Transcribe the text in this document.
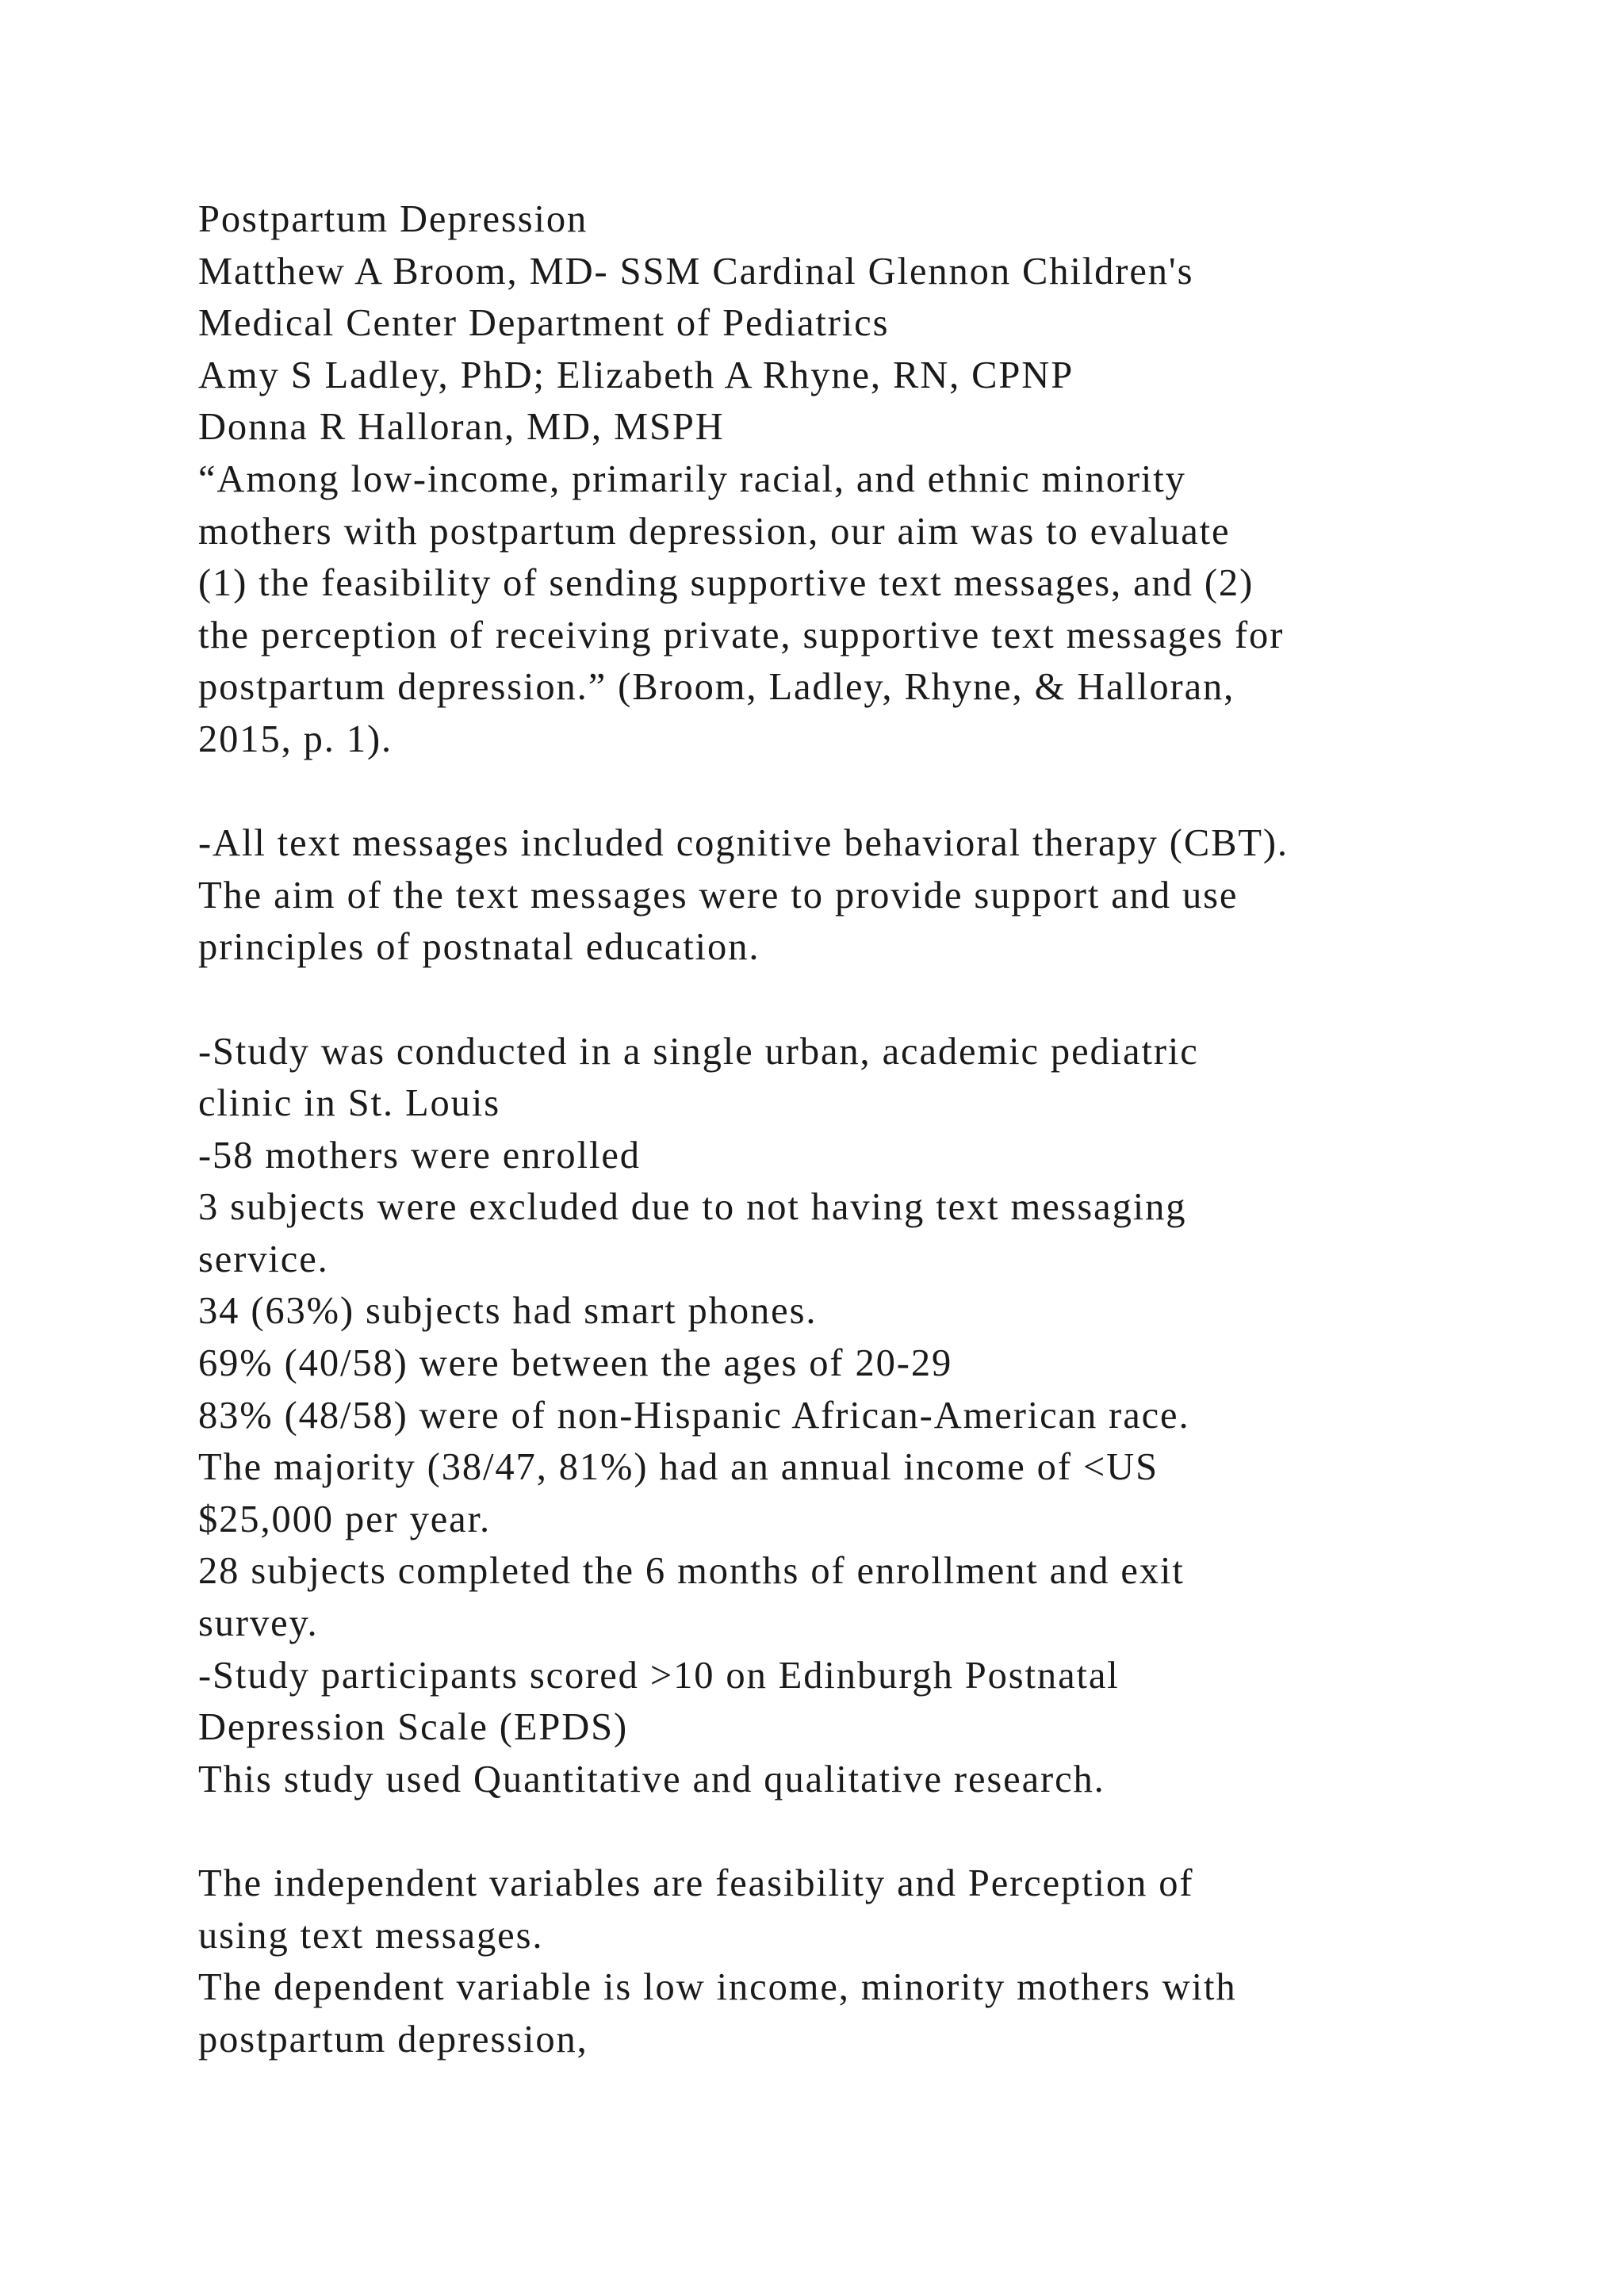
Postpartum Depression
Matthew A Broom, MD- SSM Cardinal Glennon Children's
Medical Center Department of Pediatrics
Amy S Ladley, PhD; Elizabeth A Rhyne, RN, CPNP
Donna R Halloran, MD, MSPH
“Among low-income, primarily racial, and ethnic minority
mothers with postpartum depression, our aim was to evaluate
(1) the feasibility of sending supportive text messages, and (2)
the perception of receiving private, supportive text messages for
postpartum depression.” (Broom, Ladley, Rhyne, & Halloran,
2015, p. 1).
-All text messages included cognitive behavioral therapy (CBT).
The aim of the text messages were to provide support and use
principles of postnatal education.
-Study was conducted in a single urban, academic pediatric
clinic in St. Louis
-58 mothers were enrolled
3 subjects were excluded due to not having text messaging
service.
34 (63%) subjects had smart phones.
69% (40/58) were between the ages of 20-29
83% (48/58) were of non-Hispanic African-American race.
The majority (38/47, 81%) had an annual income of <US
$25,000 per year.
28 subjects completed the 6 months of enrollment and exit
survey.
-Study participants scored >10 on Edinburgh Postnatal
Depression Scale (EPDS)
This study used Quantitative and qualitative research.
The independent variables are feasibility and Perception of
using text messages.
The dependent variable is low income, minority mothers with
postpartum depression,
